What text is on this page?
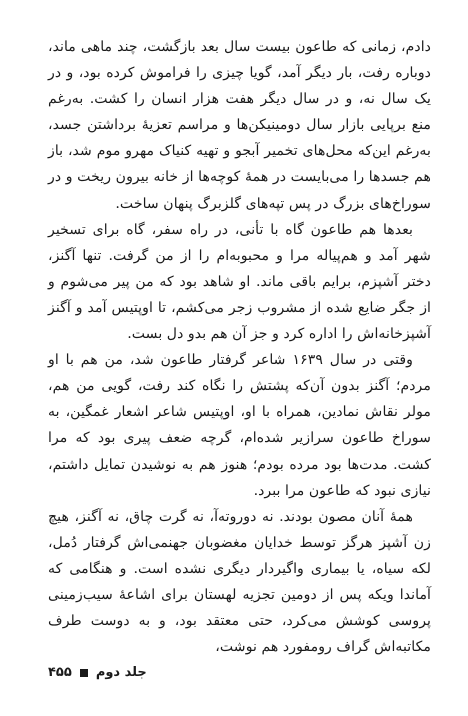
دادم، زمانی که طاعون بیست سال بعد بازگشت، چند ماهی ماند، دوباره رفت، بار دیگر آمد، گویا چیزی را فراموش کرده بود، و در یک سال نه، و در سال دیگر هفت هزار انسان را کشت. به‌رغم منع برپایی بازار سال دومینیکن‌ها و مراسم تعزیهٔ برداشتن جسد، به‌رغم این‌که محل‌های تخمیر آبجو و تهیه کنیاک مهرو موم شد، باز هم جسدها را می‌بایست در همهٔ کوچه‌ها از خانه بیرون ریخت و در سوراخ‌های بزرگ در پس تپه‌های گلزبرگ پنهان ساخت.

بعدها هم طاعون گاه با تأنی، در راه سفر، گاه برای تسخیر شهر آمد و هم‌پیاله مرا و محبوبه‌ام را از من گرفت. تنها آگنز، دختر آشپزم، برایم باقی ماند. او شاهد بود که من پیر می‌شوم و از جگر ضایع شده از مشروب زجر می‌کشم، تا اوپتیس آمد و آگنز آشپزخانه‌اش را اداره کرد و جز آن هم بدو دل بست.

وقتی در سال ۱۶۳۹ شاعر گرفتار طاعون شد، من هم با او مردم؛ آگنز بدون آن‌که پشتش را نگاه کند رفت، گویی من هم، مولر نقاش نمادین، همراه با او، اوپتیس شاعر اشعار غمگین، به سوراخ طاعون سرازیر شده‌ام، گرچه ضعف پیری بود که مرا کشت. مدت‌ها بود مرده بودم؛ هنوز هم به نوشیدن تمایل داشتم، نیازی نبود که طاعون مرا ببرد.

همهٔ آنان مصون بودند. نه دوروته‌آ، نه گرت چاق، نه آگنز، هیچ زن آشپز هرگز توسط خدایان مغضوبان جهنمی‌اش گرفتار دُمل، لکه سیاه، یا بیماری واگیردار دیگری نشده است. و هنگامی که آماندا ویکه پس از دومین تجزیه لهستان برای اشاعهٔ سیب‌زمینی پروسی کوشش می‌کرد، حتی معتقد بود، و به دوست طرف مکاتبه‌اش گراف رومفورد هم نوشت،

جلد دوم
۴۵۵
